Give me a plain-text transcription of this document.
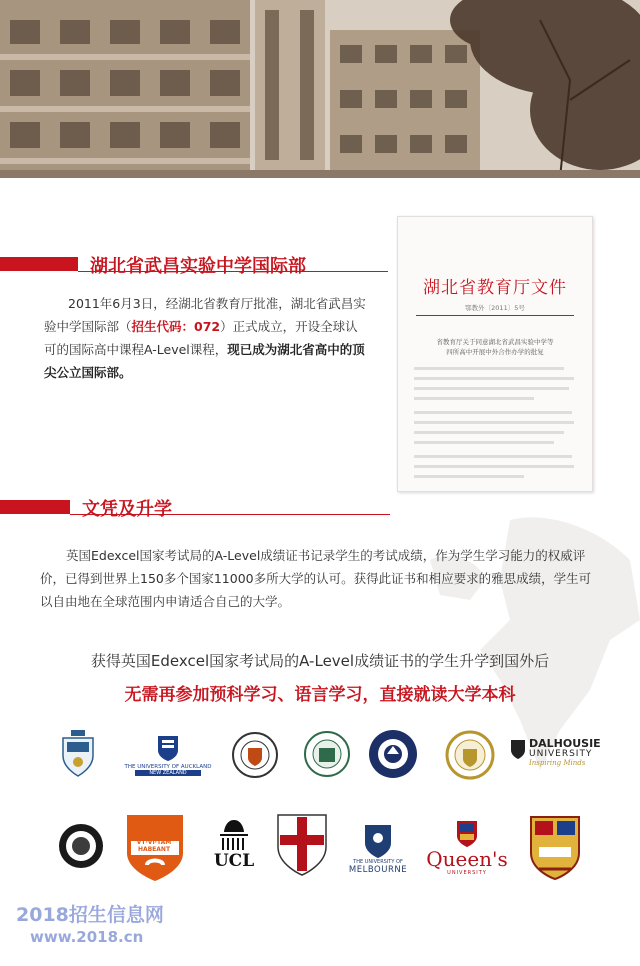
湖北省武昌实验中学国际部
2011年6月3日，经湖北省教育厅批准，湖北省武昌实验中学国际部（招生代码：072）正式成立，开设全球认可的国际高中课程A-Level课程，现已成为湖北省高中的顶尖公立国际部。
湖北省教育厅文件
鄂教外〔2011〕5号
省教育厅关于同意湖北省武昌实验中学等
四所高中开展中外合作办学的批复
文凭及升学
英国Edexcel国家考试局的A-Level成绩证书记录学生的考试成绩，作为学生学习能力的权威评价，已得到世界上150多个国家11000多所大学的认可。获得此证书和相应要求的雅思成绩，学生可以自由地在全球范围内申请适合自己的大学。
获得英国Edexcel国家考试局的A-Level成绩证书的学生升学到国外后
无需再参加预科学习、语言学习，直接就读大学本科
THE UNIVERSITY OF AUCKLAND
NEW ZEALAND
DALHOUSIE
UNIVERSITY
Inspiring Minds
VT·VI·TAM
HABEANT
UCL	THE UNIVERSITY OF
MELBOURNE Queen's
UNIVERSITY
2018招生信息网
www.2018.cn
